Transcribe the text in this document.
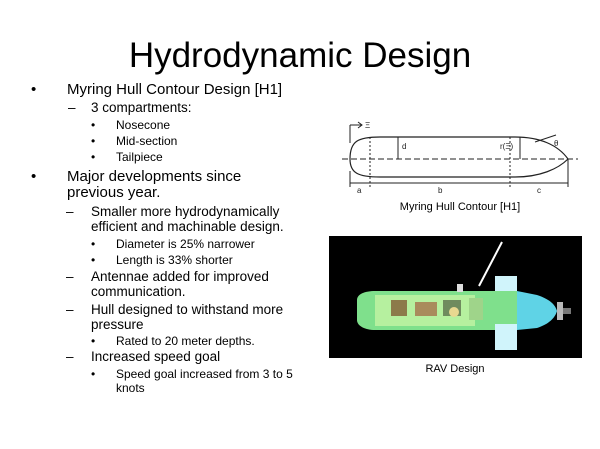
Hydrodynamic Design
• Myring Hull Contour Design [H1]
– 3 compartments:
• Nosecone
• Mid-section
• Tailpiece
• Major developments since
previous year.
– Smaller more hydrodynamically
efficient and machinable design.
• Diameter is 25% narrower
• Length is 33% shorter
– Antennae added for improved
communication.
– Hull designed to withstand more
pressure
• Rated to 20 meter depths.
– Increased speed goal
• Speed goal increased from 3 to 5
knots
Ξ
d	r(Ξ)	θ
a	b	c
Myring Hull Contour [H1]
RAV Design
